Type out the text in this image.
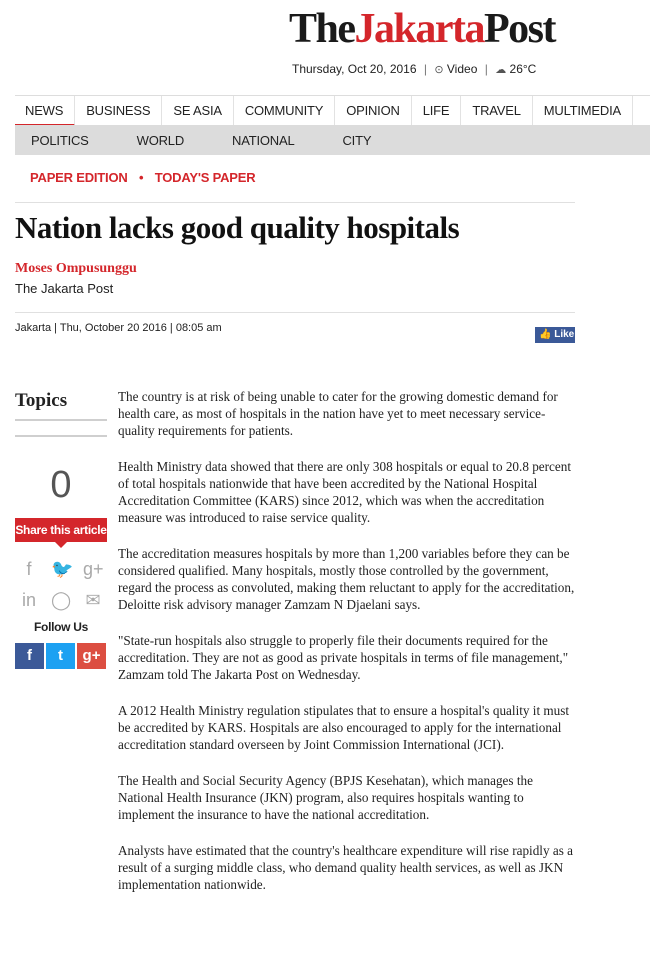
TheJakartaPost
Thursday, Oct 20, 2016 | ⊙ Video | ☁ 26°C
NEWS	BUSINESS	SE ASIA	COMMUNITY	OPINION	LIFE	TRAVEL	MULTIMEDIA
POLITICS	WORLD	NATIONAL	CITY
PAPER EDITION • TODAY'S PAPER
Nation lacks good quality hospitals
Moses Ompusunggu
The Jakarta Post
Jakarta | Thu, October 20 2016 | 08:05 am
👍 Like
Topics
0
Share this article
f	🐦 g+
in ◯ ✉
Follow Us
f	t	g+

The country is at risk of being unable to cater for the growing domestic demand for health care, as most of hospitals in the nation have yet to meet necessary service-quality requirements for patients.

Health Ministry data showed that there are only 308 hospitals or equal to 20.8 percent of total hospitals nationwide that have been accredited by the National Hospital Accreditation Committee (KARS) since 2012, which was when the accreditation measure was introduced to raise service quality.

The accreditation measures hospitals by more than 1,200 variables before they can be considered qualified. Many hospitals, mostly those controlled by the government, regard the process as convoluted, making them reluctant to apply for the accreditation, Deloitte risk advisory manager Zamzam N Djaelani says.

"State-run hospitals also struggle to properly file their documents required for the accreditation. They are not as good as private hospitals in terms of file management," Zamzam told The Jakarta Post on Wednesday.

A 2012 Health Ministry regulation stipulates that to ensure a hospital's quality it must be accredited by KARS. Hospitals are also encouraged to apply for the international accreditation standard overseen by Joint Commission International (JCI).

The Health and Social Security Agency (BPJS Kesehatan), which manages the National Health Insurance (JKN) program, also requires hospitals wanting to implement the insurance to have the national accreditation.

Analysts have estimated that the country's healthcare expenditure will rise rapidly as a result of a surging middle class, who demand quality health services, as well as JKN implementation nationwide.
